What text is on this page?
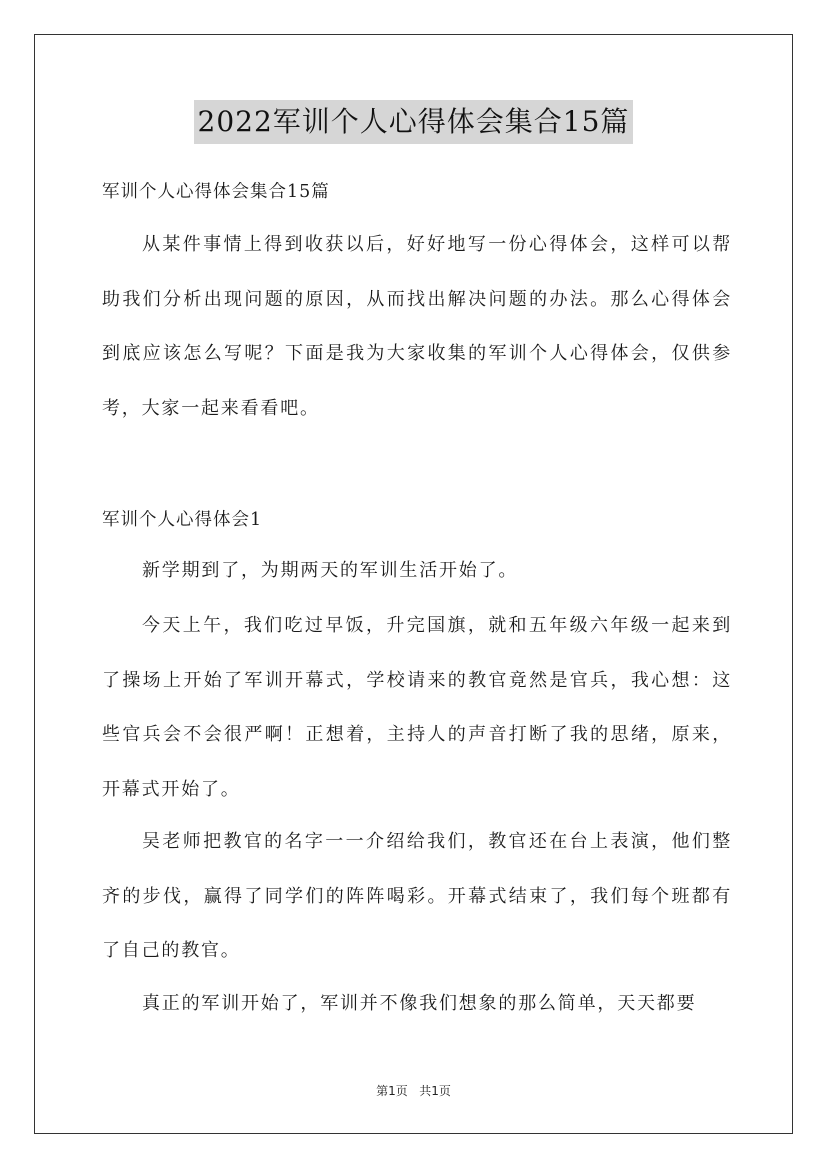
2022军训个人心得体会集合15篇
军训个人心得体会集合15篇

从某件事情上得到收获以后，好好地写一份心得体会，这样可以帮助我们分析出现问题的原因，从而找出解决问题的办法。那么心得体会到底应该怎么写呢？下面是我为大家收集的军训个人心得体会，仅供参考，大家一起来看看吧。

军训个人心得体会1

新学期到了，为期两天的军训生活开始了。

今天上午，我们吃过早饭，升完国旗，就和五年级六年级一起来到了操场上开始了军训开幕式，学校请来的教官竟然是官兵，我心想：这些官兵会不会很严啊！正想着，主持人的声音打断了我的思绪，原来，开幕式开始了。

吴老师把教官的名字一一介绍给我们，教官还在台上表演，他们整齐的步伐，赢得了同学们的阵阵喝彩。开幕式结束了，我们每个班都有了自己的教官。

真正的军训开始了，军训并不像我们想象的那么简单，天天都要

第1页 共1页
